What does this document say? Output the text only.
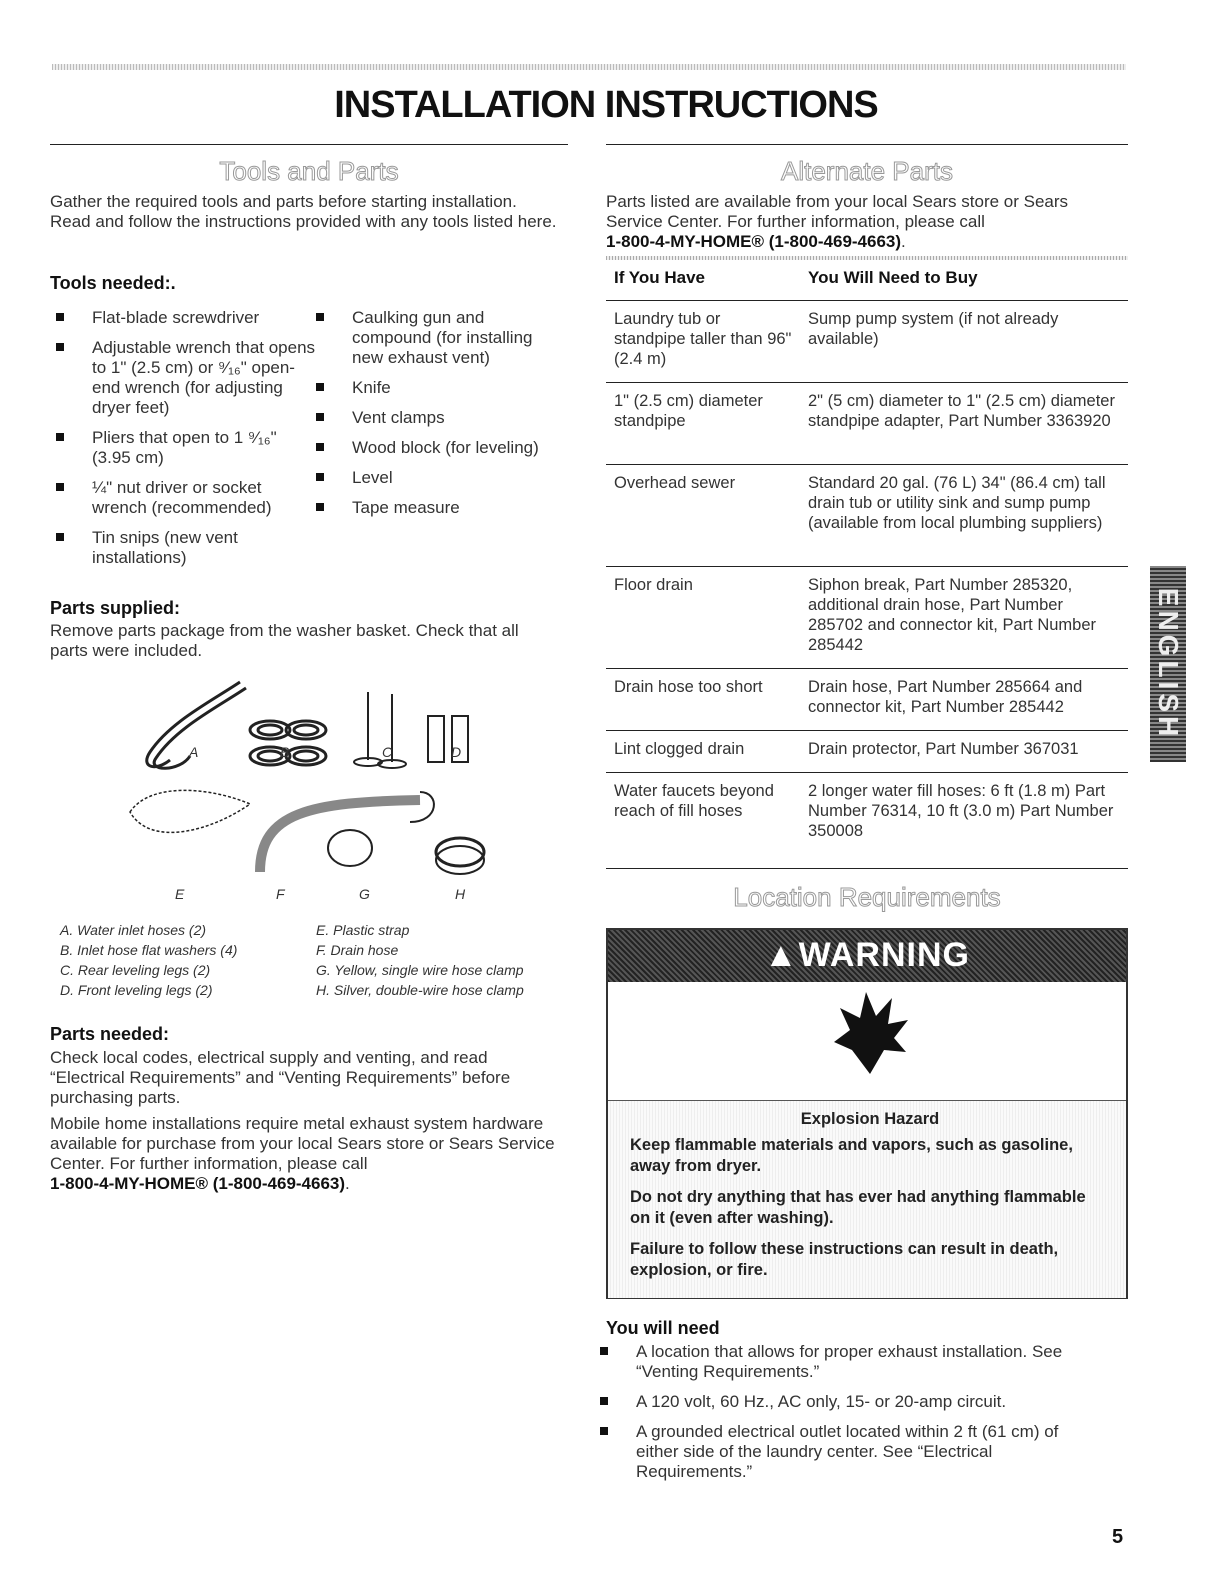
INSTALLATION INSTRUCTIONS
Tools and Parts

Gather the required tools and parts before starting installation. Read and follow the instructions provided with any tools listed here.

Tools needed:.

Flat-blade screwdriver
Adjustable wrench that opens to 1" (2.5 cm) or ⁹⁄₁₆" open-end wrench (for adjusting dryer feet)
Pliers that open to 1 ⁹⁄₁₆" (3.95 cm)
¼" nut driver or socket wrench (recommended)
Tin snips (new vent installations)
Caulking gun and compound (for installing new exhaust vent)
Knife
Vent clamps
Wood block (for leveling)
Level
Tape measure

Parts supplied:

Remove parts package from the washer basket. Check that all parts were included.

A	B	C	D
E	F	G	H
A. Water inlet hoses (2)
B. Inlet hose flat washers (4)
C. Rear leveling legs (2)
D. Front leveling legs (2)
E. Plastic strap
F. Drain hose
G. Yellow, single wire hose clamp
H. Silver, double-wire hose clamp

Parts needed:

Check local codes, electrical supply and venting, and read “Electrical Requirements” and “Venting Requirements” before purchasing parts.

Mobile home installations require metal exhaust system hardware available for purchase from your local Sears store or Sears Service Center. For further information, please call
1-800-4-MY-HOME® (1-800-469-4663).

Alternate Parts

Parts listed are available from your local Sears store or Sears Service Center. For further information, please call
1-800-4-MY-HOME® (1-800-469-4663).

If You Have	You Will Need to Buy
Laundry tub or standpipe taller than 96" (2.4 m)	Sump pump system (if not already available)
1" (2.5 cm) diameter standpipe	2" (5 cm) diameter to 1" (2.5 cm) diameter standpipe adapter, Part Number 3363920
Overhead sewer	Standard 20 gal. (76 L) 34" (86.4 cm) tall drain tub or utility sink and sump pump (available from local plumbing suppliers)
Floor drain	Siphon break, Part Number 285320, additional drain hose, Part Number 285702 and connector kit, Part Number 285442
Drain hose too short	Drain hose, Part Number 285664 and connector kit, Part Number 285442
Lint clogged drain	Drain protector, Part Number 367031
Water faucets beyond reach of fill hoses	2 longer water fill hoses: 6 ft (1.8 m) Part Number 76314, 10 ft (3.0 m) Part Number 350008
Location Requirements
▲WARNING

Explosion Hazard

Keep flammable materials and vapors, such as gasoline, away from dryer.

Do not dry anything that has ever had anything flammable on it (even after washing).

Failure to follow these instructions can result in death, explosion, or fire.

You will need

A location that allows for proper exhaust installation. See “Venting Requirements.”
A 120 volt, 60 Hz., AC only, 15- or 20-amp circuit.
A grounded electrical outlet located within 2 ft (61 cm) of either side of the laundry center. See “Electrical Requirements.”
ENGLISH
5
